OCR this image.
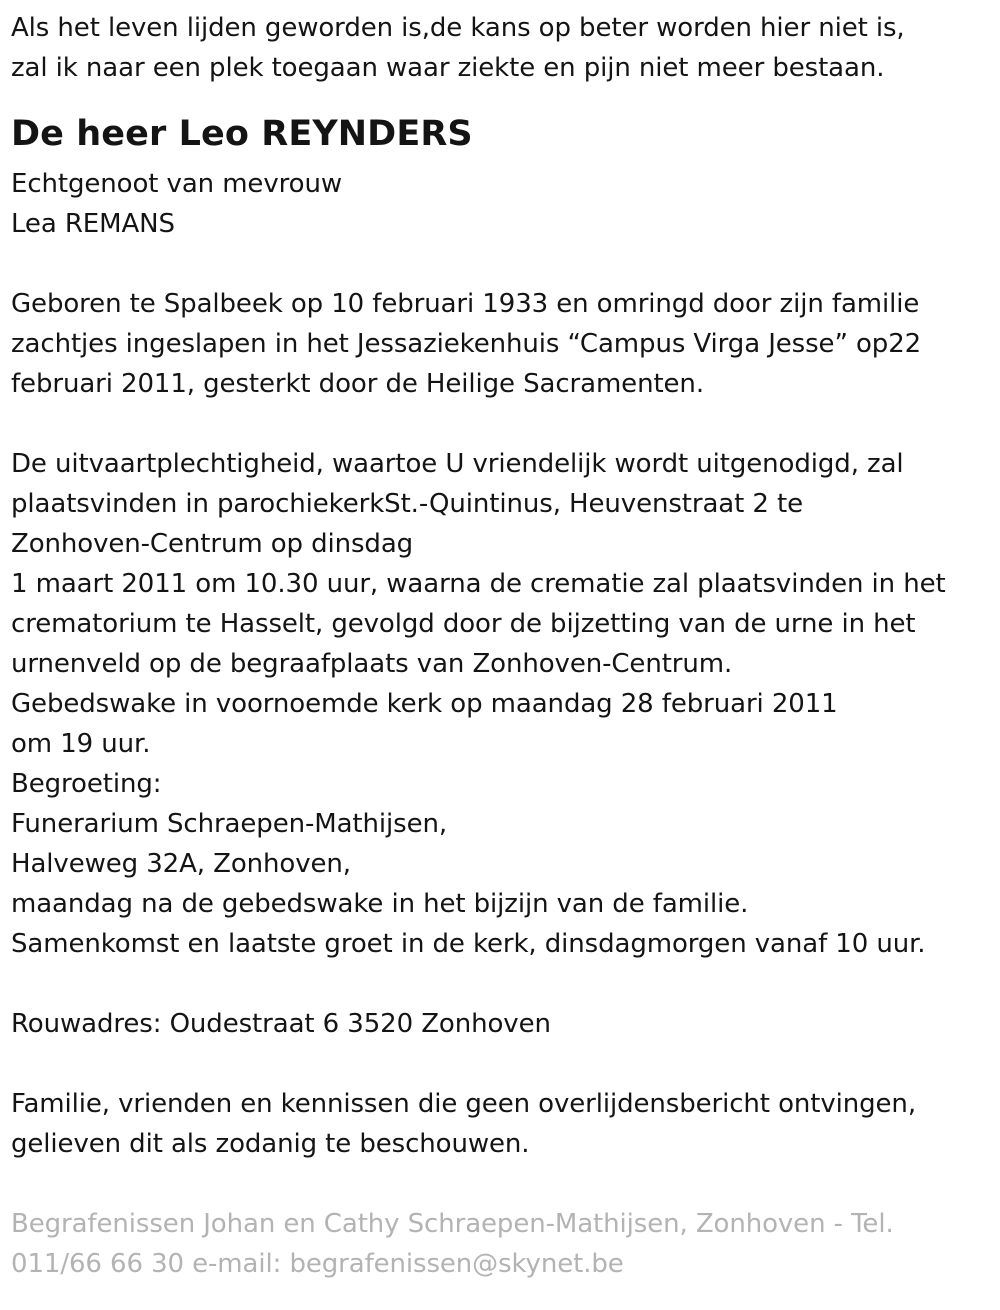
Als het leven lijden geworden is,de kans op beter worden hier niet is,
zal ik naar een plek toegaan waar ziekte en pijn niet meer bestaan.
De heer Leo REYNDERS
Echtgenoot van mevrouw
Lea REMANS
Geboren te Spalbeek op 10 februari 1933 en omringd door zijn familie
zachtjes ingeslapen in het Jessaziekenhuis “Campus Virga Jesse” op22
februari 2011, gesterkt door de Heilige Sacramenten.
De uitvaartplechtigheid, waartoe U vriendelijk wordt uitgenodigd, zal
plaatsvinden in parochiekerkSt.-Quintinus, Heuvenstraat 2 te
Zonhoven-Centrum op dinsdag
1 maart 2011 om 10.30 uur, waarna de crematie zal plaatsvinden in het
crematorium te Hasselt, gevolgd door de bijzetting van de urne in het
urnenveld op de begraafplaats van Zonhoven-Centrum.
Gebedswake in voornoemde kerk op maandag 28 februari 2011
om 19 uur.
Begroeting:
Funerarium Schraepen-Mathijsen,
Halveweg 32A, Zonhoven,
maandag na de gebedswake in het bijzijn van de familie.
Samenkomst en laatste groet in de kerk, dinsdagmorgen vanaf 10 uur.
Rouwadres: Oudestraat 6 3520 Zonhoven
Familie, vrienden en kennissen die geen overlijdensbericht ontvingen,
gelieven dit als zodanig te beschouwen.
Begrafenissen Johan en Cathy Schraepen-Mathijsen, Zonhoven - Tel.
011/66 66 30 e-mail: begrafenissen@skynet.be
